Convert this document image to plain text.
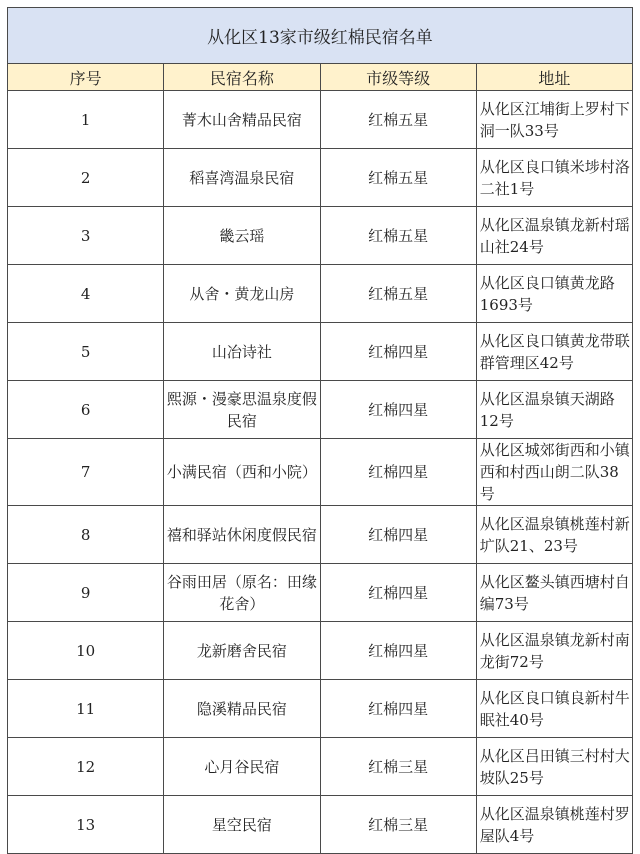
从化区13家市级红棉民宿名单			
序号	民宿名称	市级等级	地址
1	菁木山舍精品民宿	红棉五星	从化区江埔街上罗村下洞一队33号
2	稻喜湾温泉民宿	红棉五星	从化区良口镇米埗村洛二社1号
3	畿云瑶	红棉五星	从化区温泉镇龙新村瑶山社24号
4	从舍・黄龙山房	红棉五星	从化区良口镇黄龙路1693号
5	山冶诗社	红棉四星	从化区良口镇黄龙带联群管理区42号
6	熙源・漫豪思温泉度假民宿	红棉四星	从化区温泉镇天湖路12号
7	小满民宿（西和小院）	红棉四星	从化区城郊街西和小镇西和村西山朗二队38号
8	禧和驿站休闲度假民宿	红棉四星	从化区温泉镇桃莲村新圹队21、23号
9	谷雨田居（原名：田缘花舍）	红棉四星	从化区鳌头镇西塘村自编73号
10	龙新磨舍民宿	红棉四星	从化区温泉镇龙新村南龙街72号
11	隐溪精品民宿	红棉四星	从化区良口镇良新村牛眠社40号
12	心月谷民宿	红棉三星	从化区吕田镇三村村大坡队25号
13	星空民宿	红棉三星	从化区温泉镇桃莲村罗屋队4号
